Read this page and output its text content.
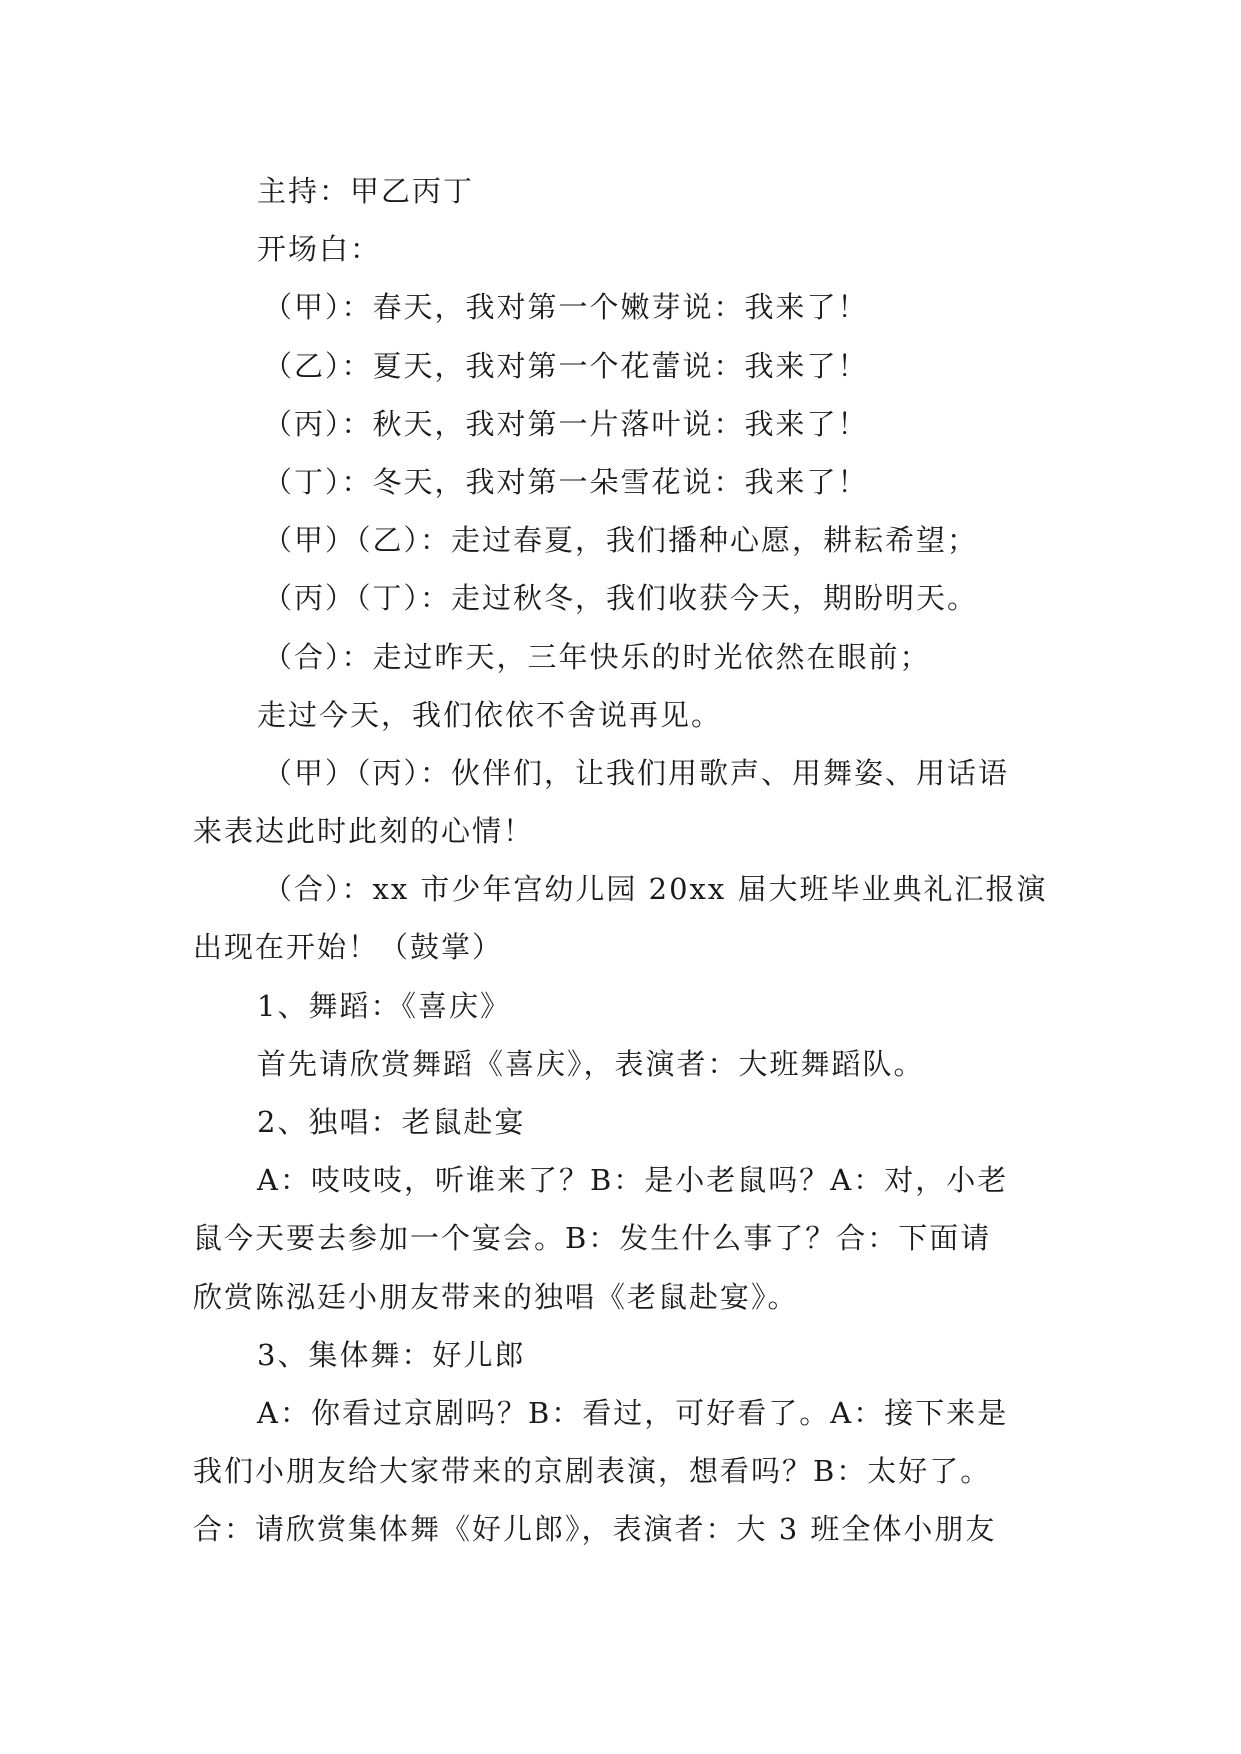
主持：甲乙丙丁
开场白：
（甲）：春天，我对第一个嫩芽说：我来了！
（乙）：夏天，我对第一个花蕾说：我来了！
（丙）：秋天，我对第一片落叶说：我来了！
（丁）：冬天，我对第一朵雪花说：我来了！
（甲）（乙）：走过春夏，我们播种心愿，耕耘希望；
（丙）（丁）：走过秋冬，我们收获今天，期盼明天。
（合）：走过昨天，三年快乐的时光依然在眼前；
走过今天，我们依依不舍说再见。
（甲）（丙）：伙伴们，让我们用歌声、用舞姿、用话语
来表达此时此刻的心情！
（合）：xx 市少年宫幼儿园 20xx 届大班毕业典礼汇报演
出现在开始！（鼓掌）
1、舞蹈：《喜庆》
首先请欣赏舞蹈《喜庆》，表演者：大班舞蹈队。
2、独唱：老鼠赴宴
A：吱吱吱，听谁来了？B：是小老鼠吗？A：对，小老
鼠今天要去参加一个宴会。B：发生什么事了？合：下面请
欣赏陈泓廷小朋友带来的独唱《老鼠赴宴》。
3、集体舞：好儿郎
A：你看过京剧吗？B：看过，可好看了。A：接下来是
我们小朋友给大家带来的京剧表演，想看吗？B：太好了。
合：请欣赏集体舞《好儿郎》，表演者：大 3 班全体小朋友
